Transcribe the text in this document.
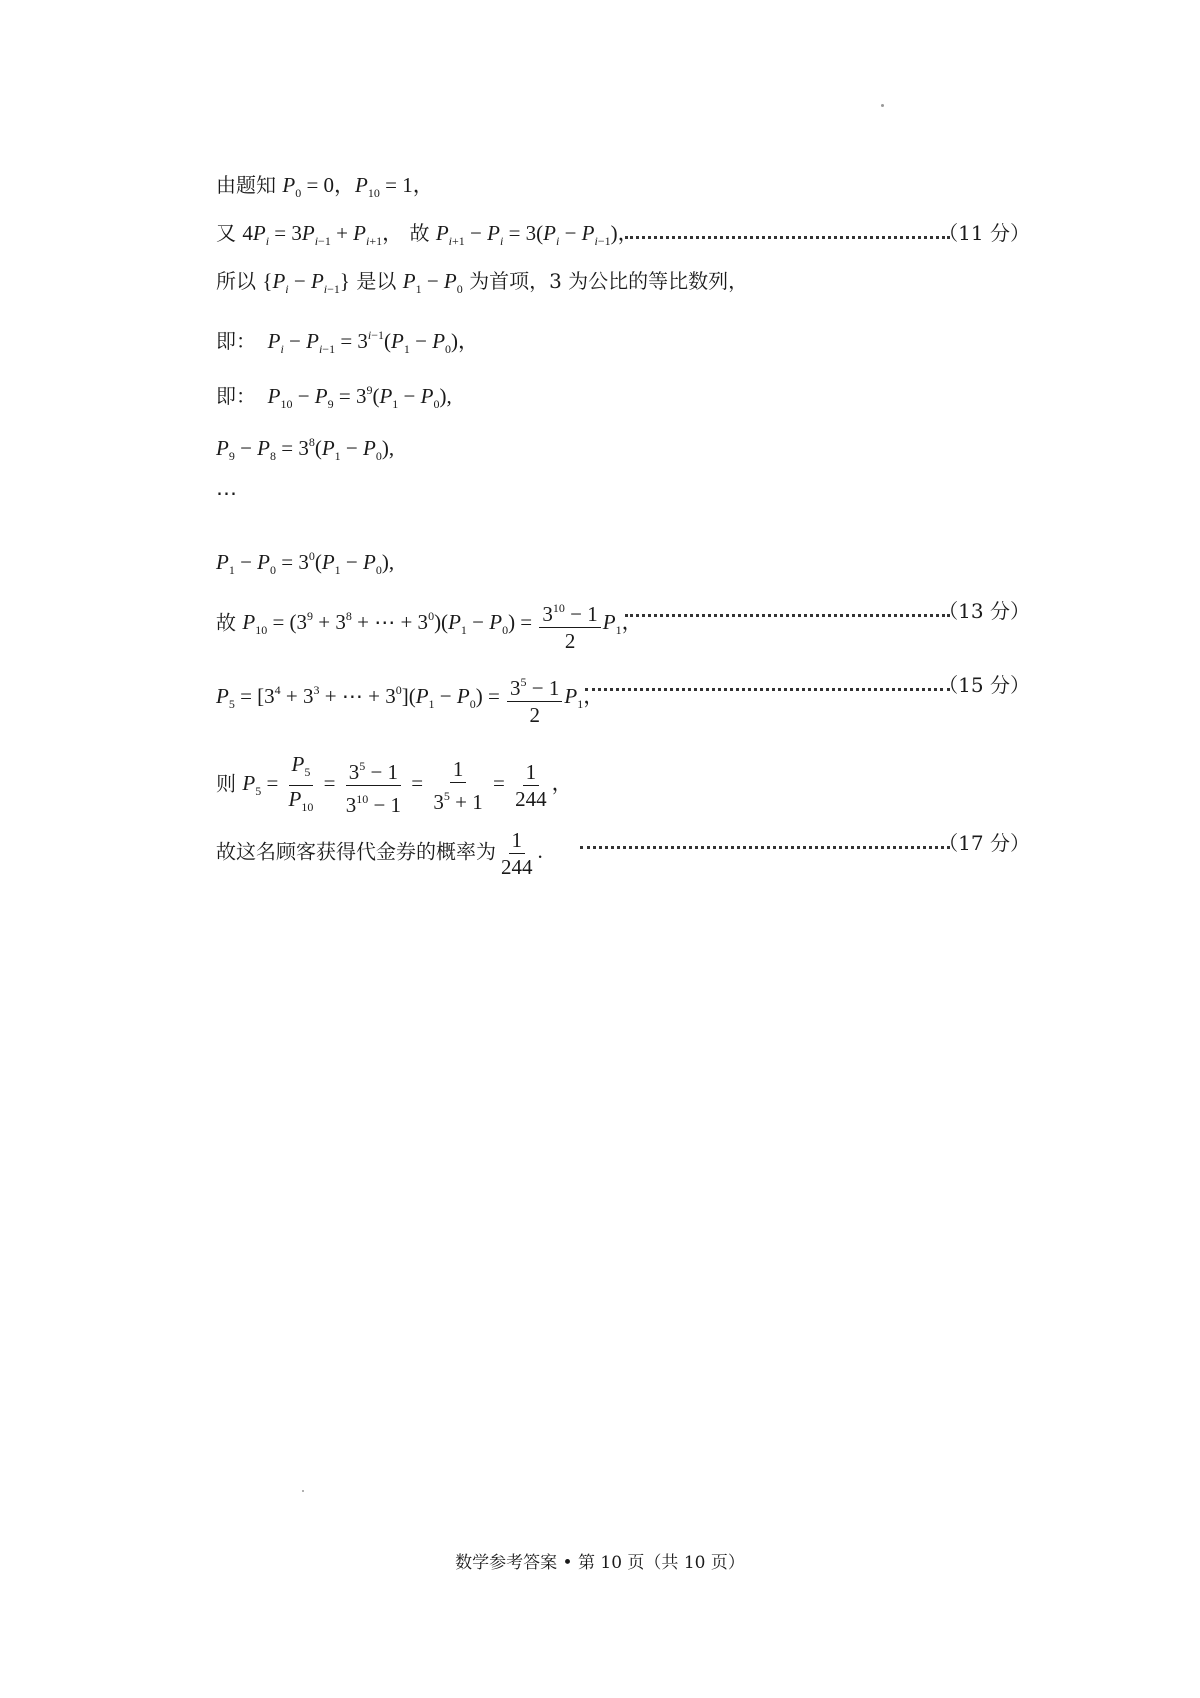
由题知 $P_0 = 0$，$P_{10} = 1$，
又 $4P_i = 3P_{i-1} + P_{i+1}$， 故 $P_{i+1} - P_i = 3(P_i - P_{i-1})$，	（11 分）
所以 $\{P_i - P_{i-1}\}$ 是以 $P_1 - P_0$ 为首项，3 为公比的等比数列，
即： $P_i - P_{i-1} = 3^{i-1}(P_1 - P_0)$，
即： $P_{10} - P_9 = 3^9(P_1 - P_0)$,
$P_9 - P_8 = 3^8(P_1 - P_0)$,
⋯
$P_1 - P_0 = 3^0(P_1 - P_0)$,
故 $P_{10} = (3^9 + 3^8$ + ⋯ + $3^0)(P_1 - P_0) = \frac{3^{10} - 1}{2} P_1$，	（13 分）
$P_5 = [3^4 + 3^3$ + ⋯ + $3^0](P_1 - P_0) = \frac{3^5 - 1}{2} P_1$，	（15 分）
则 $P_5 = \frac{P_5}{P_{10}} = \frac{3^5 - 1}{3^{10} - 1} = \frac{1}{3^5 + 1} = \frac{1}{244}$ ，
故这名顾客获得代金券的概率为 $\frac{1}{244}$ .	（17 分）
数学参考答案 • 第 10 页（共 10 页）
